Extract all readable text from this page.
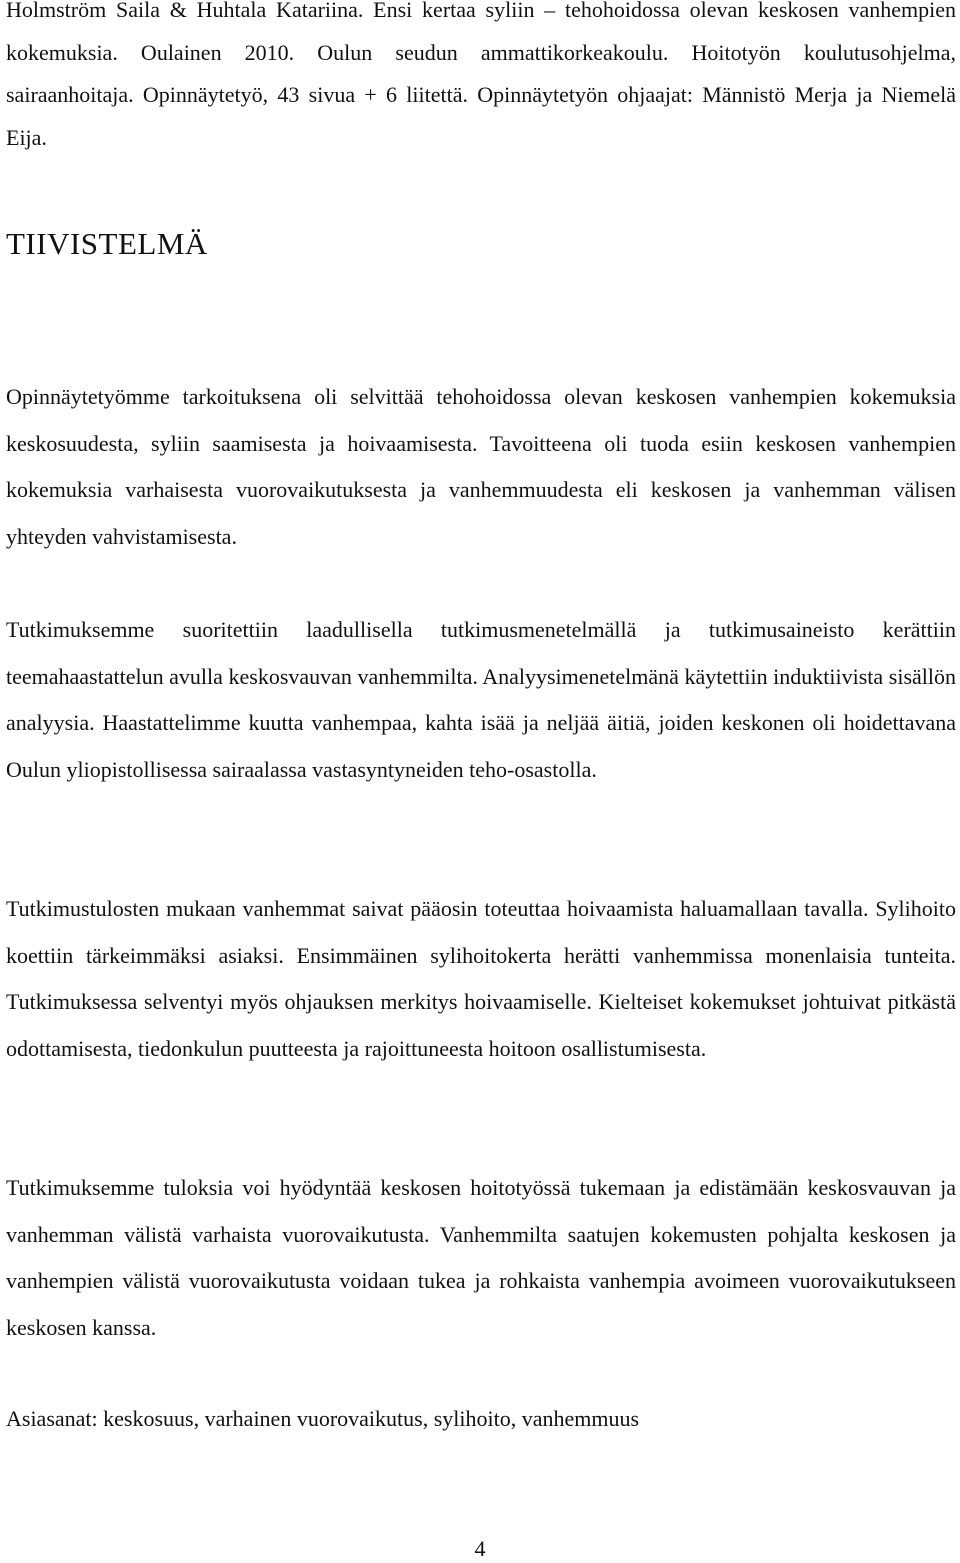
Holmström Saila & Huhtala Katariina. Ensi kertaa syliin – tehohoidossa olevan keskosen vanhempien kokemuksia. Oulainen 2010. Oulun seudun ammattikorkeakoulu. Hoitotyön koulutusohjelma, sairaanhoitaja. Opinnäytetyö, 43 sivua + 6 liitettä. Opinnäytetyön ohjaajat: Männistö Merja ja Niemelä Eija.

TIIVISTELMÄ

Opinnäytetyömme tarkoituksena oli selvittää tehohoidossa olevan keskosen vanhempien kokemuksia keskosuudesta, syliin saamisesta ja hoivaamisesta. Tavoitteena oli tuoda esiin keskosen vanhempien kokemuksia varhaisesta vuorovaikutuksesta ja vanhemmuudesta eli keskosen ja vanhemman välisen yhteyden vahvistamisesta.

Tutkimuksemme suoritettiin laadullisella tutkimusmenetelmällä ja tutkimusaineisto kerättiin teemahaastattelun avulla keskosvauvan vanhemmilta. Analyysimenetelmänä käytettiin induktiivista sisällön analyysia. Haastattelimme kuutta vanhempaa, kahta isää ja neljää äitiä, joiden keskonen oli hoidettavana Oulun yliopistollisessa sairaalassa vastasyntyneiden teho-osastolla.

Tutkimustulosten mukaan vanhemmat saivat pääosin toteuttaa hoivaamista haluamallaan tavalla. Sylihoito koettiin tärkeimmäksi asiaksi. Ensimmäinen sylihoitokerta herätti vanhemmissa monenlaisia tunteita. Tutkimuksessa selventyi myös ohjauksen merkitys hoivaamiselle. Kielteiset kokemukset johtuivat pitkästä odottamisesta, tiedonkulun puutteesta ja rajoittuneesta hoitoon osallistumisesta.

Tutkimuksemme tuloksia voi hyödyntää keskosen hoitotyössä tukemaan ja edistämään keskosvauvan ja vanhemman välistä varhaista vuorovaikutusta. Vanhemmilta saatujen kokemusten pohjalta keskosen ja vanhempien välistä vuorovaikutusta voidaan tukea ja rohkaista vanhempia avoimeen vuorovaikutukseen keskosen kanssa.

Asiasanat: keskosuus, varhainen vuorovaikutus, sylihoito, vanhemmuus

4
